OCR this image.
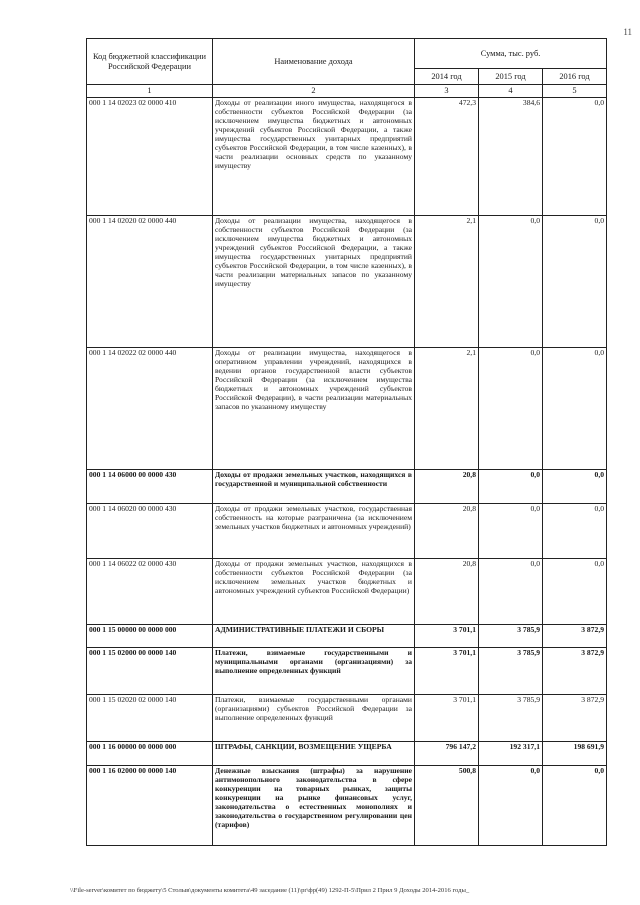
11
Код бюджетной классификации Российской Федерации	Наименование дохода	Сумма, тыс. руб.		
		2014 год	2015 год	2016 год
1	2	3	4	5
000 1 14 02023 02 0000 410	Доходы от реализации иного имущества, находящегося в собственности субъектов Российской Федерации (за исключением имущества бюджетных и автономных учреждений субъектов Российской Федерации, а также имущества государственных унитарных предприятий субъектов Российской Федерации, в том числе казенных), в части реализации основных средств по указанному имуществу	472,3	384,6	0,0
000 1 14 02020 02 0000 440	Доходы от реализации имущества, находящегося в собственности субъектов Российской Федерации (за исключением имущества бюджетных и автономных учреждений субъектов Российской Федерации, а также имущества государственных унитарных предприятий субъектов Российской Федерации, в том числе казенных), в части реализации материальных запасов по указанному имуществу	2,1	0,0	0,0
000 1 14 02022 02 0000 440	Доходы от реализации имущества, находящегося в оперативном управлении учреждений, находящихся в ведении органов государственной власти субъектов Российской Федерации (за исключением имущества бюджетных и автономных учреждений субъектов Российской Федерации), в части реализации материальных запасов по указанному имуществу	2,1	0,0	0,0
000 1 14 06000 00 0000 430	Доходы от продажи земельных участков, находящихся в государственной и муниципальной собственности	20,8	0,0	0,0
000 1 14 06020 00 0000 430	Доходы от продажи земельных участков, государственная собственность на которые разграничена (за исключением земельных участков бюджетных и автономных учреждений)	20,8	0,0	0,0
000 1 14 06022 02 0000 430	Доходы от продажи земельных участков, находящихся в собственности субъектов Российской Федерации (за исключением земельных участков бюджетных и автономных учреждений субъектов Российской Федерации)	20,8	0,0	0,0
000 1 15 00000 00 0000 000	АДМИНИСТРАТИВНЫЕ ПЛАТЕЖИ И СБОРЫ	3 701,1	3 785,9	3 872,9
000 1 15 02000 00 0000 140	Платежи, взимаемые государственными и муниципальными органами (организациями) за выполнение определенных функций	3 701,1	3 785,9	3 872,9
000 1 15 02020 02 0000 140	Платежи, взимаемые государственными органами (организациями) субъектов Российской Федерации за выполнение определенных функций	3 701,1	3 785,9	3 872,9
000 1 16 00000 00 0000 000	ШТРАФЫ, САНКЦИИ, ВОЗМЕЩЕНИЕ УЩЕРБА	796 147,2	192 317,1	198 691,9
000 1 16 02000 00 0000 140	Денежные взыскания (штрафы) за нарушение антимонопольного законодательства в сфере конкуренции на товарных рынках, защиты конкуренции на рынке финансовых услуг, законодательства о естественных монополиях и законодательства о государственном регулировании цен (тарифов)	500,8	0,0	0,0
\\File-server\комитет по бюджету\5 Столыв\документы комитета\49 заседание (11)\pr\фр(49) 1292-П-5\Прил 2 Прил 9 Доходы 2014-2016 годы_
